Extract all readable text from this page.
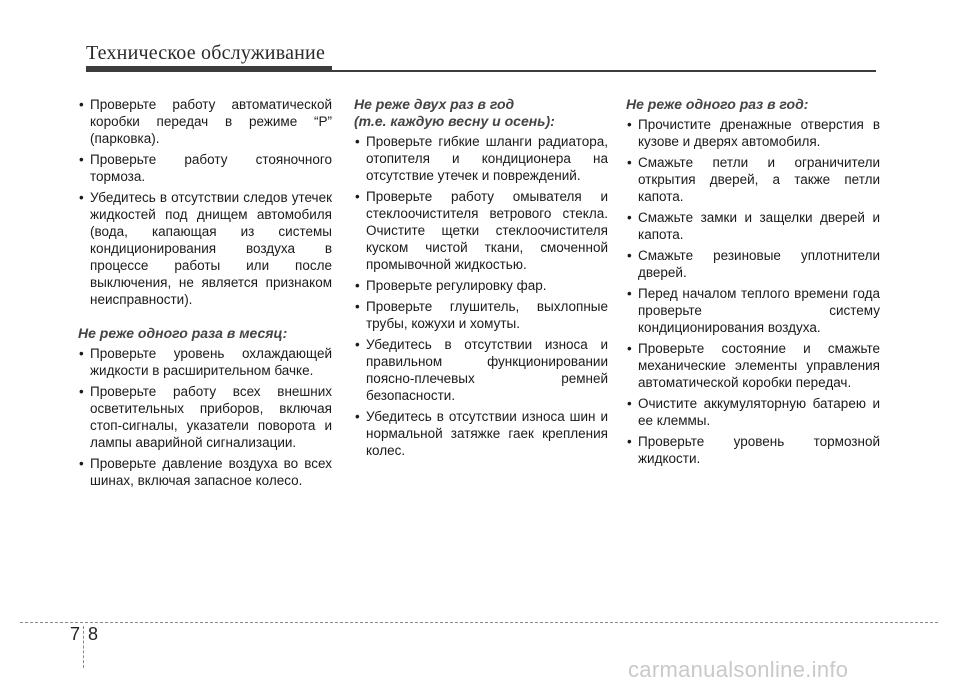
Техническое обслуживание
• Проверьте работу автоматической коробки передач в режиме “P” (парковка).
• Проверьте работу стояночного тормоза.
• Убедитесь в отсутствии следов утечек жидкостей под днищем автомобиля (вода, капающая из системы кондиционирования воздуха в процессе работы или после выключения, не является признаком неисправности).
Не реже одного раза в месяц:
• Проверьте уровень охлаждающей жидкости в расширительном бачке.
• Проверьте работу всех внешних осветительных приборов, включая стоп-сигналы, указатели поворота и лампы аварийной сигнализации.
• Проверьте давление воздуха во всех шинах, включая запасное колесо.
Не реже двух раз в год
(т.е. каждую весну и осень):
• Проверьте гибкие шланги радиатора, отопителя и кондиционера на отсутствие утечек и повреждений.
• Проверьте работу омывателя и стеклоочистителя ветрового стекла. Очистите щетки стеклоочистителя куском чистой ткани, смоченной промывочной жидкостью.
• Проверьте регулировку фар.
• Проверьте глушитель, выхлопные трубы, кожухи и хомуты.
• Убедитесь в отсутствии износа и правильном функционировании поясно-плечевых ремней безопасности.
• Убедитесь в отсутствии износа шин и нормальной затяжке гаек крепления колес.
Не реже одного раз в год:
• Прочистите дренажные отверстия в кузове и дверях автомобиля.
• Смажьте петли и ограничители открытия дверей, а также петли капота.
• Смажьте замки и защелки дверей и капота.
• Смажьте резиновые уплотнители дверей.
• Перед началом теплого времени года проверьте систему кондиционирования воздуха.
• Проверьте состояние и смажьте механические элементы управления автоматической коробки передач.
• Очистите аккумуляторную батарею и ее клеммы.
• Проверьте уровень тормозной жидкости.
7 8
carmanualsonline.info
